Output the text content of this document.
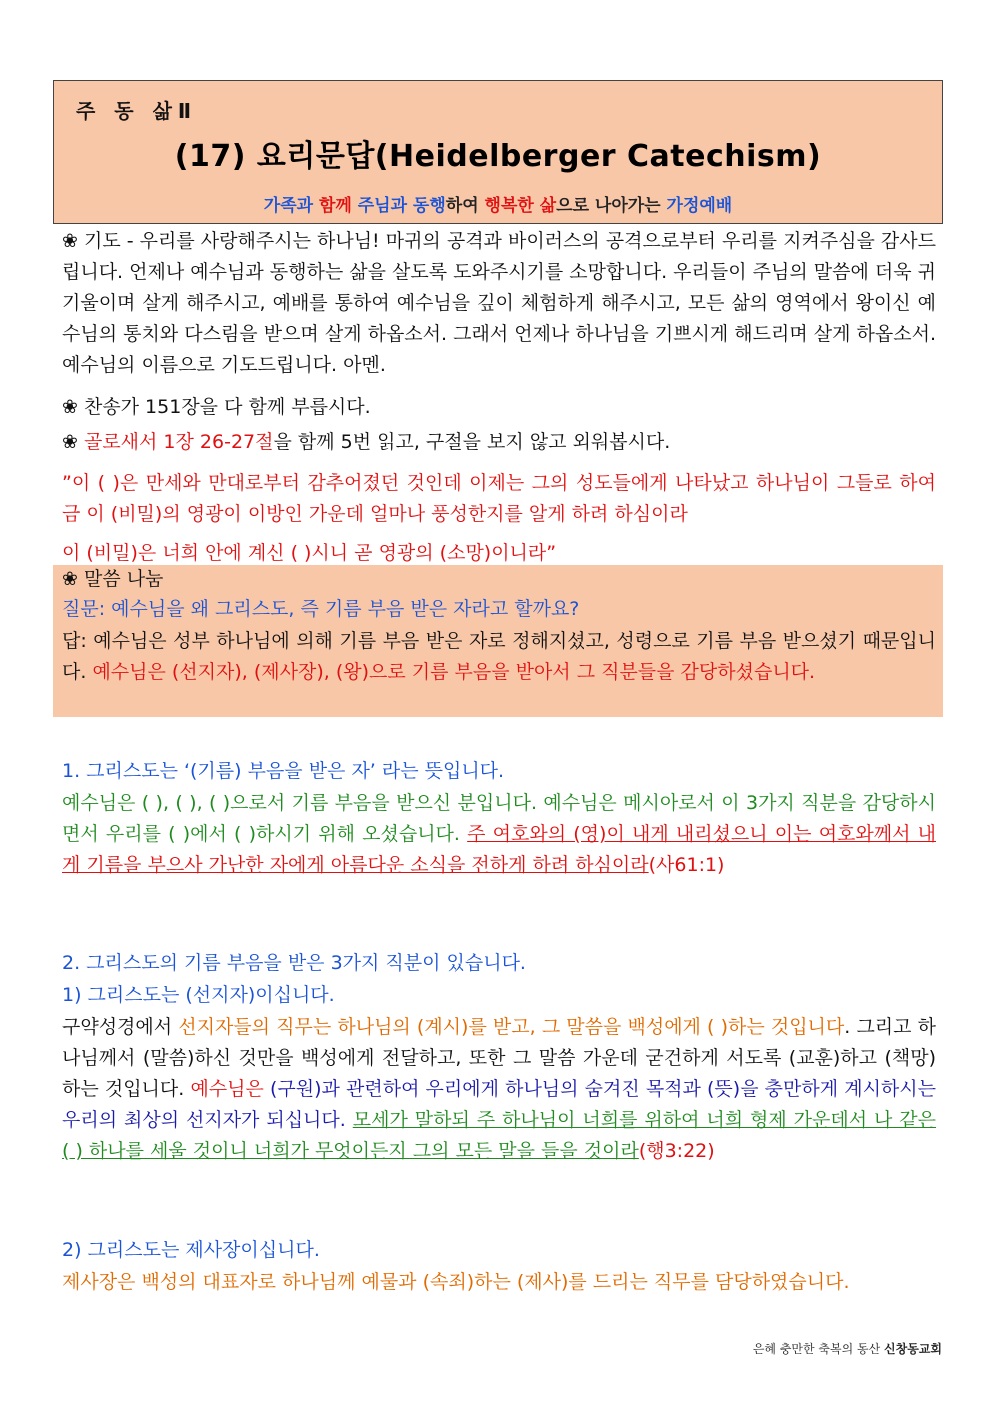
주 동 삶Ⅱ
(17) 요리문답(Heidelberger Catechism)
가족과 함께 주님과 동행하여 행복한 삶으로 나아가는 가정예배
❀ 기도 - 우리를 사랑해주시는 하나님! 마귀의 공격과 바이러스의 공격으로부터 우리를 지켜주심을 감사드립니다. 언제나 예수님과 동행하는 삶을 살도록 도와주시기를 소망합니다. 우리들이 주님의 말씀에 더욱 귀 기울이며 살게 해주시고, 예배를 통하여 예수님을 깊이 체험하게 해주시고, 모든 삶의 영역에서 왕이신 예수님의 통치와 다스림을 받으며 살게 하옵소서. 그래서 언제나 하나님을 기쁘시게 해드리며 살게 하옵소서. 예수님의 이름으로 기도드립니다. 아멘.
❀ 찬송가 151장을 다 함께 부릅시다.
❀ 골로새서 1장 26-27절을 함께 5번 읽고, 구절을 보지 않고 외워봅시다.
”이 ( )은 만세와 만대로부터 감추어졌던 것인데 이제는 그의 성도들에게 나타났고 하나님이 그들로 하여금 이 (비밀)의 영광이 이방인 가운데 얼마나 풍성한지를 알게 하려 하심이라
이 (비밀)은 너희 안에 계신 ( )시니 곧 영광의 (소망)이니라”
❀ 말씀 나눔
질문: 예수님을 왜 그리스도, 즉 기름 부음 받은 자라고 할까요?
답: 예수님은 성부 하나님에 의해 기름 부음 받은 자로 정해지셨고, 성령으로 기름 부음 받으셨기 때문입니다. 예수님은 (선지자), (제사장), (왕)으로 기름 부음을 받아서 그 직분들을 감당하셨습니다.
1. 그리스도는 ‘(기름) 부음을 받은 자’ 라는 뜻입니다.
예수님은 ( ), ( ), ( )으로서 기름 부음을 받으신 분입니다. 예수님은 메시아로서 이 3가지 직분을 감당하시면서 우리를 ( )에서 ( )하시기 위해 오셨습니다. 주 여호와의 (영)이 내게 내리셨으니 이는 여호와께서 내게 기름을 부으사 가난한 자에게 아름다운 소식을 전하게 하려 하심이라(사61:1)
2. 그리스도의 기름 부음을 받은 3가지 직분이 있습니다.
1) 그리스도는 (선지자)이십니다.
구약성경에서 선지자들의 직무는 하나님의 (계시)를 받고, 그 말씀을 백성에게 ( )하는 것입니다. 그리고 하나님께서 (말씀)하신 것만을 백성에게 전달하고, 또한 그 말씀 가운데 굳건하게 서도록 (교훈)하고 (책망)하는 것입니다. 예수님은 (구원)과 관련하여 우리에게 하나님의 숨겨진 목적과 (뜻)을 충만하게 계시하시는 우리의 최상의 선지자가 되십니다. 모세가 말하되 주 하나님이 너희를 위하여 너희 형제 가운데서 나 같은 ( ) 하나를 세울 것이니 너희가 무엇이든지 그의 모든 말을 들을 것이라(행3:22)
2) 그리스도는 제사장이십니다.
제사장은 백성의 대표자로 하나님께 예물과 (속죄)하는 (제사)를 드리는 직무를 담당하였습니다.
은혜 충만한 축복의 동산 신창동교회
